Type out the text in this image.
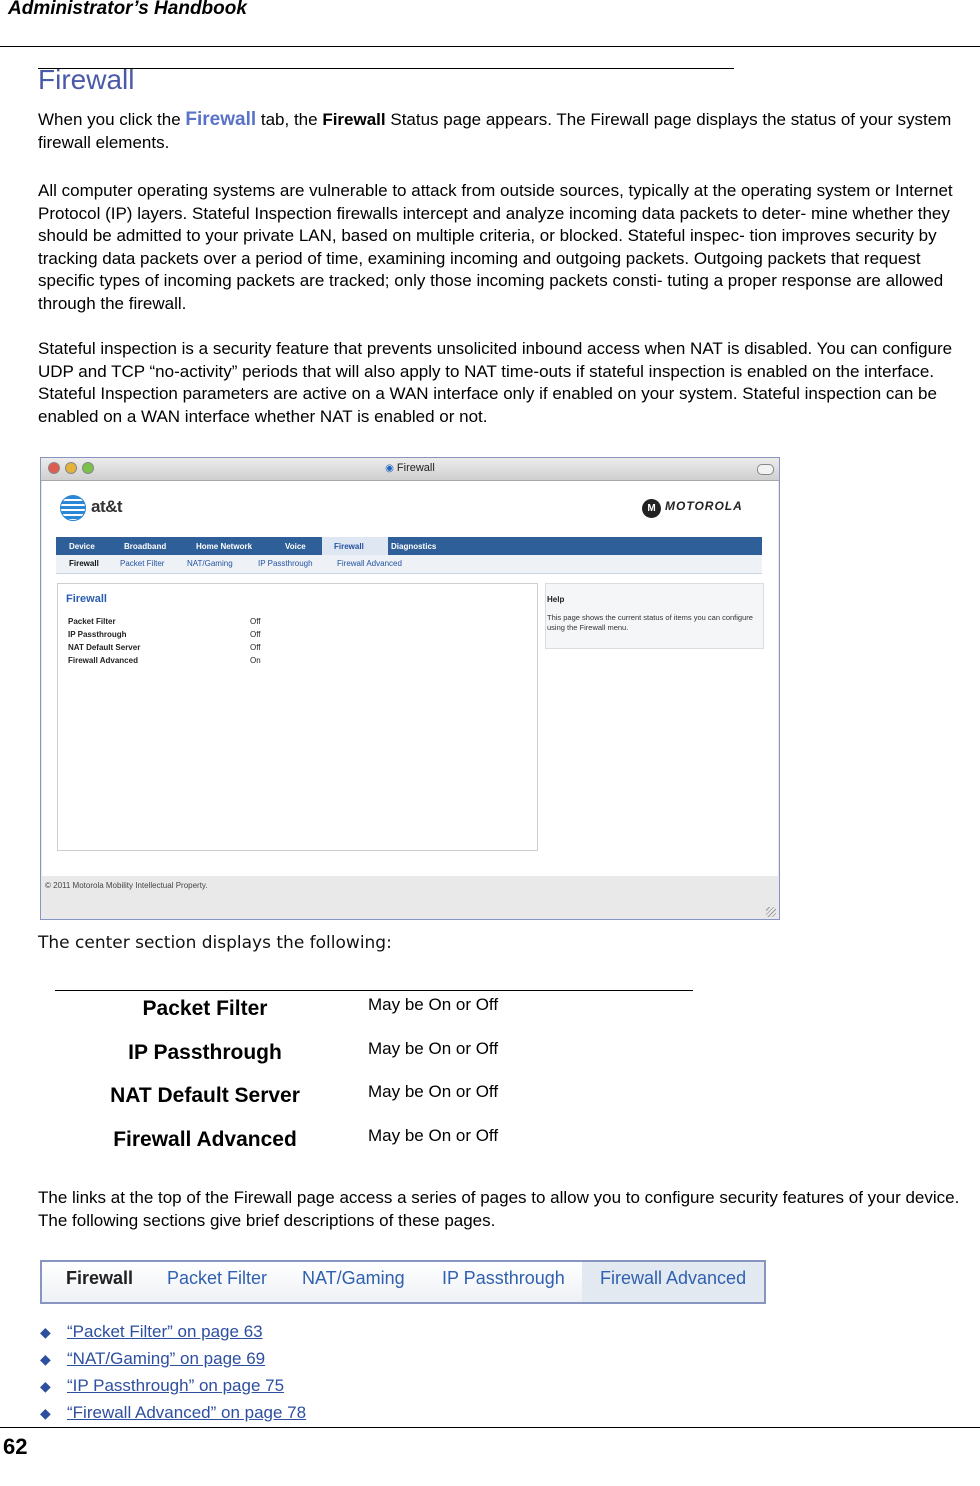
Administrator’s Handbook
Firewall
When you click the Firewall tab, the Firewall Status page appears. The Firewall page displays the status of your system firewall elements.
All computer operating systems are vulnerable to attack from outside sources, typically at the operating system or Internet Protocol (IP) layers. Stateful Inspection firewalls intercept and analyze incoming data packets to deter- mine whether they should be admitted to your private LAN, based on multiple criteria, or blocked. Stateful inspec- tion improves security by tracking data packets over a period of time, examining incoming and outgoing packets. Outgoing packets that request specific types of incoming packets are tracked; only those incoming packets consti- tuting a proper response are allowed through the firewall.
Stateful inspection is a security feature that prevents unsolicited inbound access when NAT is disabled. You can configure UDP and TCP “no-activity” periods that will also apply to NAT time-outs if stateful inspection is enabled on the interface. Stateful Inspection parameters are active on a WAN interface only if enabled on your system. Stateful inspection can be enabled on a WAN interface whether NAT is enabled or not.
◉ Firewall
at&t	M MOTOROLA
Device	Broadband	Home Network	Voice	Firewall	Diagnostics
Firewall	Packet Filter	NAT/Gaming	IP Passthrough	Firewall Advanced
Firewall
Packet Filter	Off
IP Passthrough	Off
NAT Default Server	Off
Firewall Advanced	On
Help
This page shows the current status of items you can configure using the Firewall menu.
© 2011 Motorola Mobility Intellectual Property.
The center section displays the following:
Packet Filter	May be On or Off
IP Passthrough	May be On or Off
NAT Default Server	May be On or Off
Firewall Advanced	May be On or Off
The links at the top of the Firewall page access a series of pages to allow you to configure security features of your device. The following sections give brief descriptions of these pages.
Firewall Packet Filter NAT/Gaming IP Passthrough Firewall Advanced
◆ “Packet Filter” on page 63
◆ “NAT/Gaming” on page 69
◆ “IP Passthrough” on page 75
◆ “Firewall Advanced” on page 78
62
